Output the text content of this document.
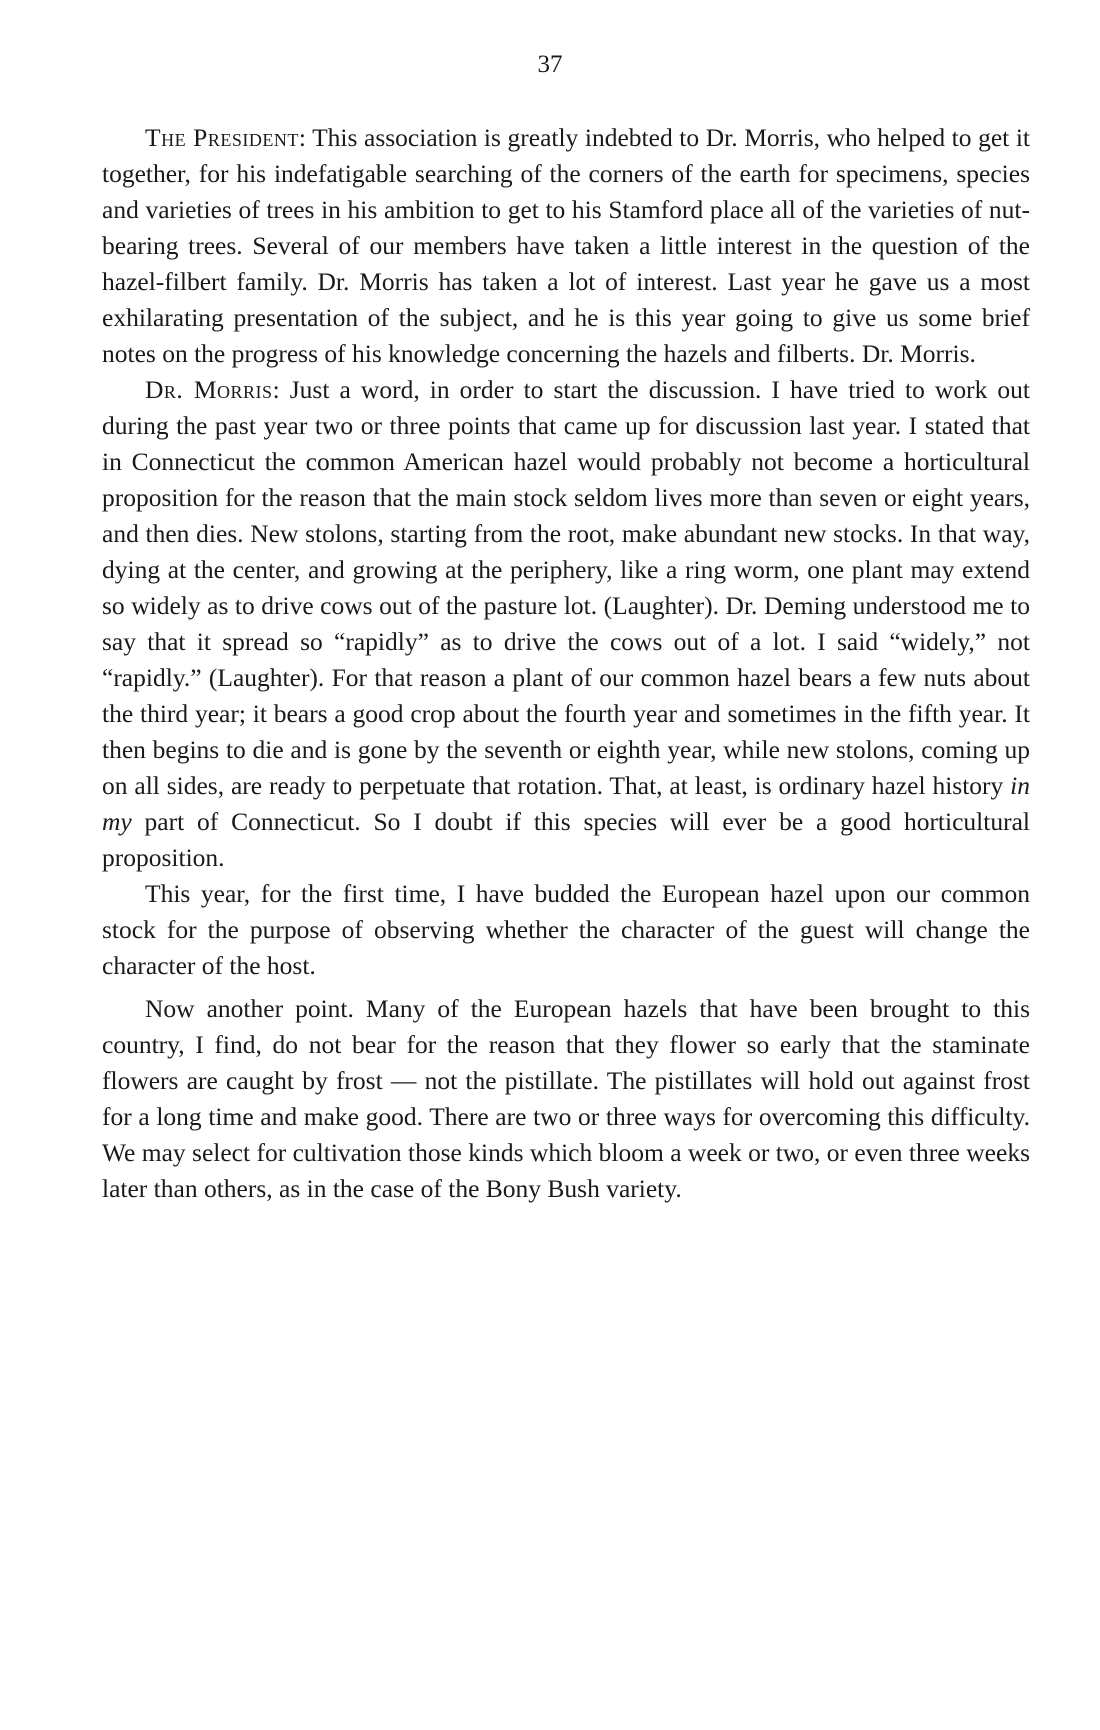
37

The President: This association is greatly indebted to Dr. Morris, who helped to get it together, for his indefatigable searching of the corners of the earth for specimens, species and varieties of trees in his ambition to get to his Stamford place all of the varieties of nut-bearing trees. Several of our members have taken a little interest in the question of the hazel-filbert family. Dr. Morris has taken a lot of interest. Last year he gave us a most exhilarating presentation of the subject, and he is this year going to give us some brief notes on the progress of his knowledge concerning the hazels and filberts. Dr. Morris.

Dr. Morris: Just a word, in order to start the discussion. I have tried to work out during the past year two or three points that came up for discussion last year. I stated that in Connecticut the common American hazel would probably not become a horticultural proposition for the reason that the main stock seldom lives more than seven or eight years, and then dies. New stolons, starting from the root, make abundant new stocks. In that way, dying at the center, and growing at the periphery, like a ring worm, one plant may extend so widely as to drive cows out of the pasture lot. (Laughter). Dr. Deming understood me to say that it spread so “rapidly” as to drive the cows out of a lot. I said “widely,” not “rapidly.” (Laughter). For that reason a plant of our common hazel bears a few nuts about the third year; it bears a good crop about the fourth year and sometimes in the fifth year. It then begins to die and is gone by the seventh or eighth year, while new stolons, coming up on all sides, are ready to perpetuate that rotation. That, at least, is ordinary hazel history in my part of Connecticut. So I doubt if this species will ever be a good horticultural proposition.

This year, for the first time, I have budded the European hazel upon our common stock for the purpose of observing whether the character of the guest will change the character of the host.

Now another point. Many of the European hazels that have been brought to this country, I find, do not bear for the reason that they flower so early that the staminate flowers are caught by frost — not the pistillate. The pistillates will hold out against frost for a long time and make good. There are two or three ways for overcoming this difficulty. We may select for cultivation those kinds which bloom a week or two, or even three weeks later than others, as in the case of the Bony Bush variety.
